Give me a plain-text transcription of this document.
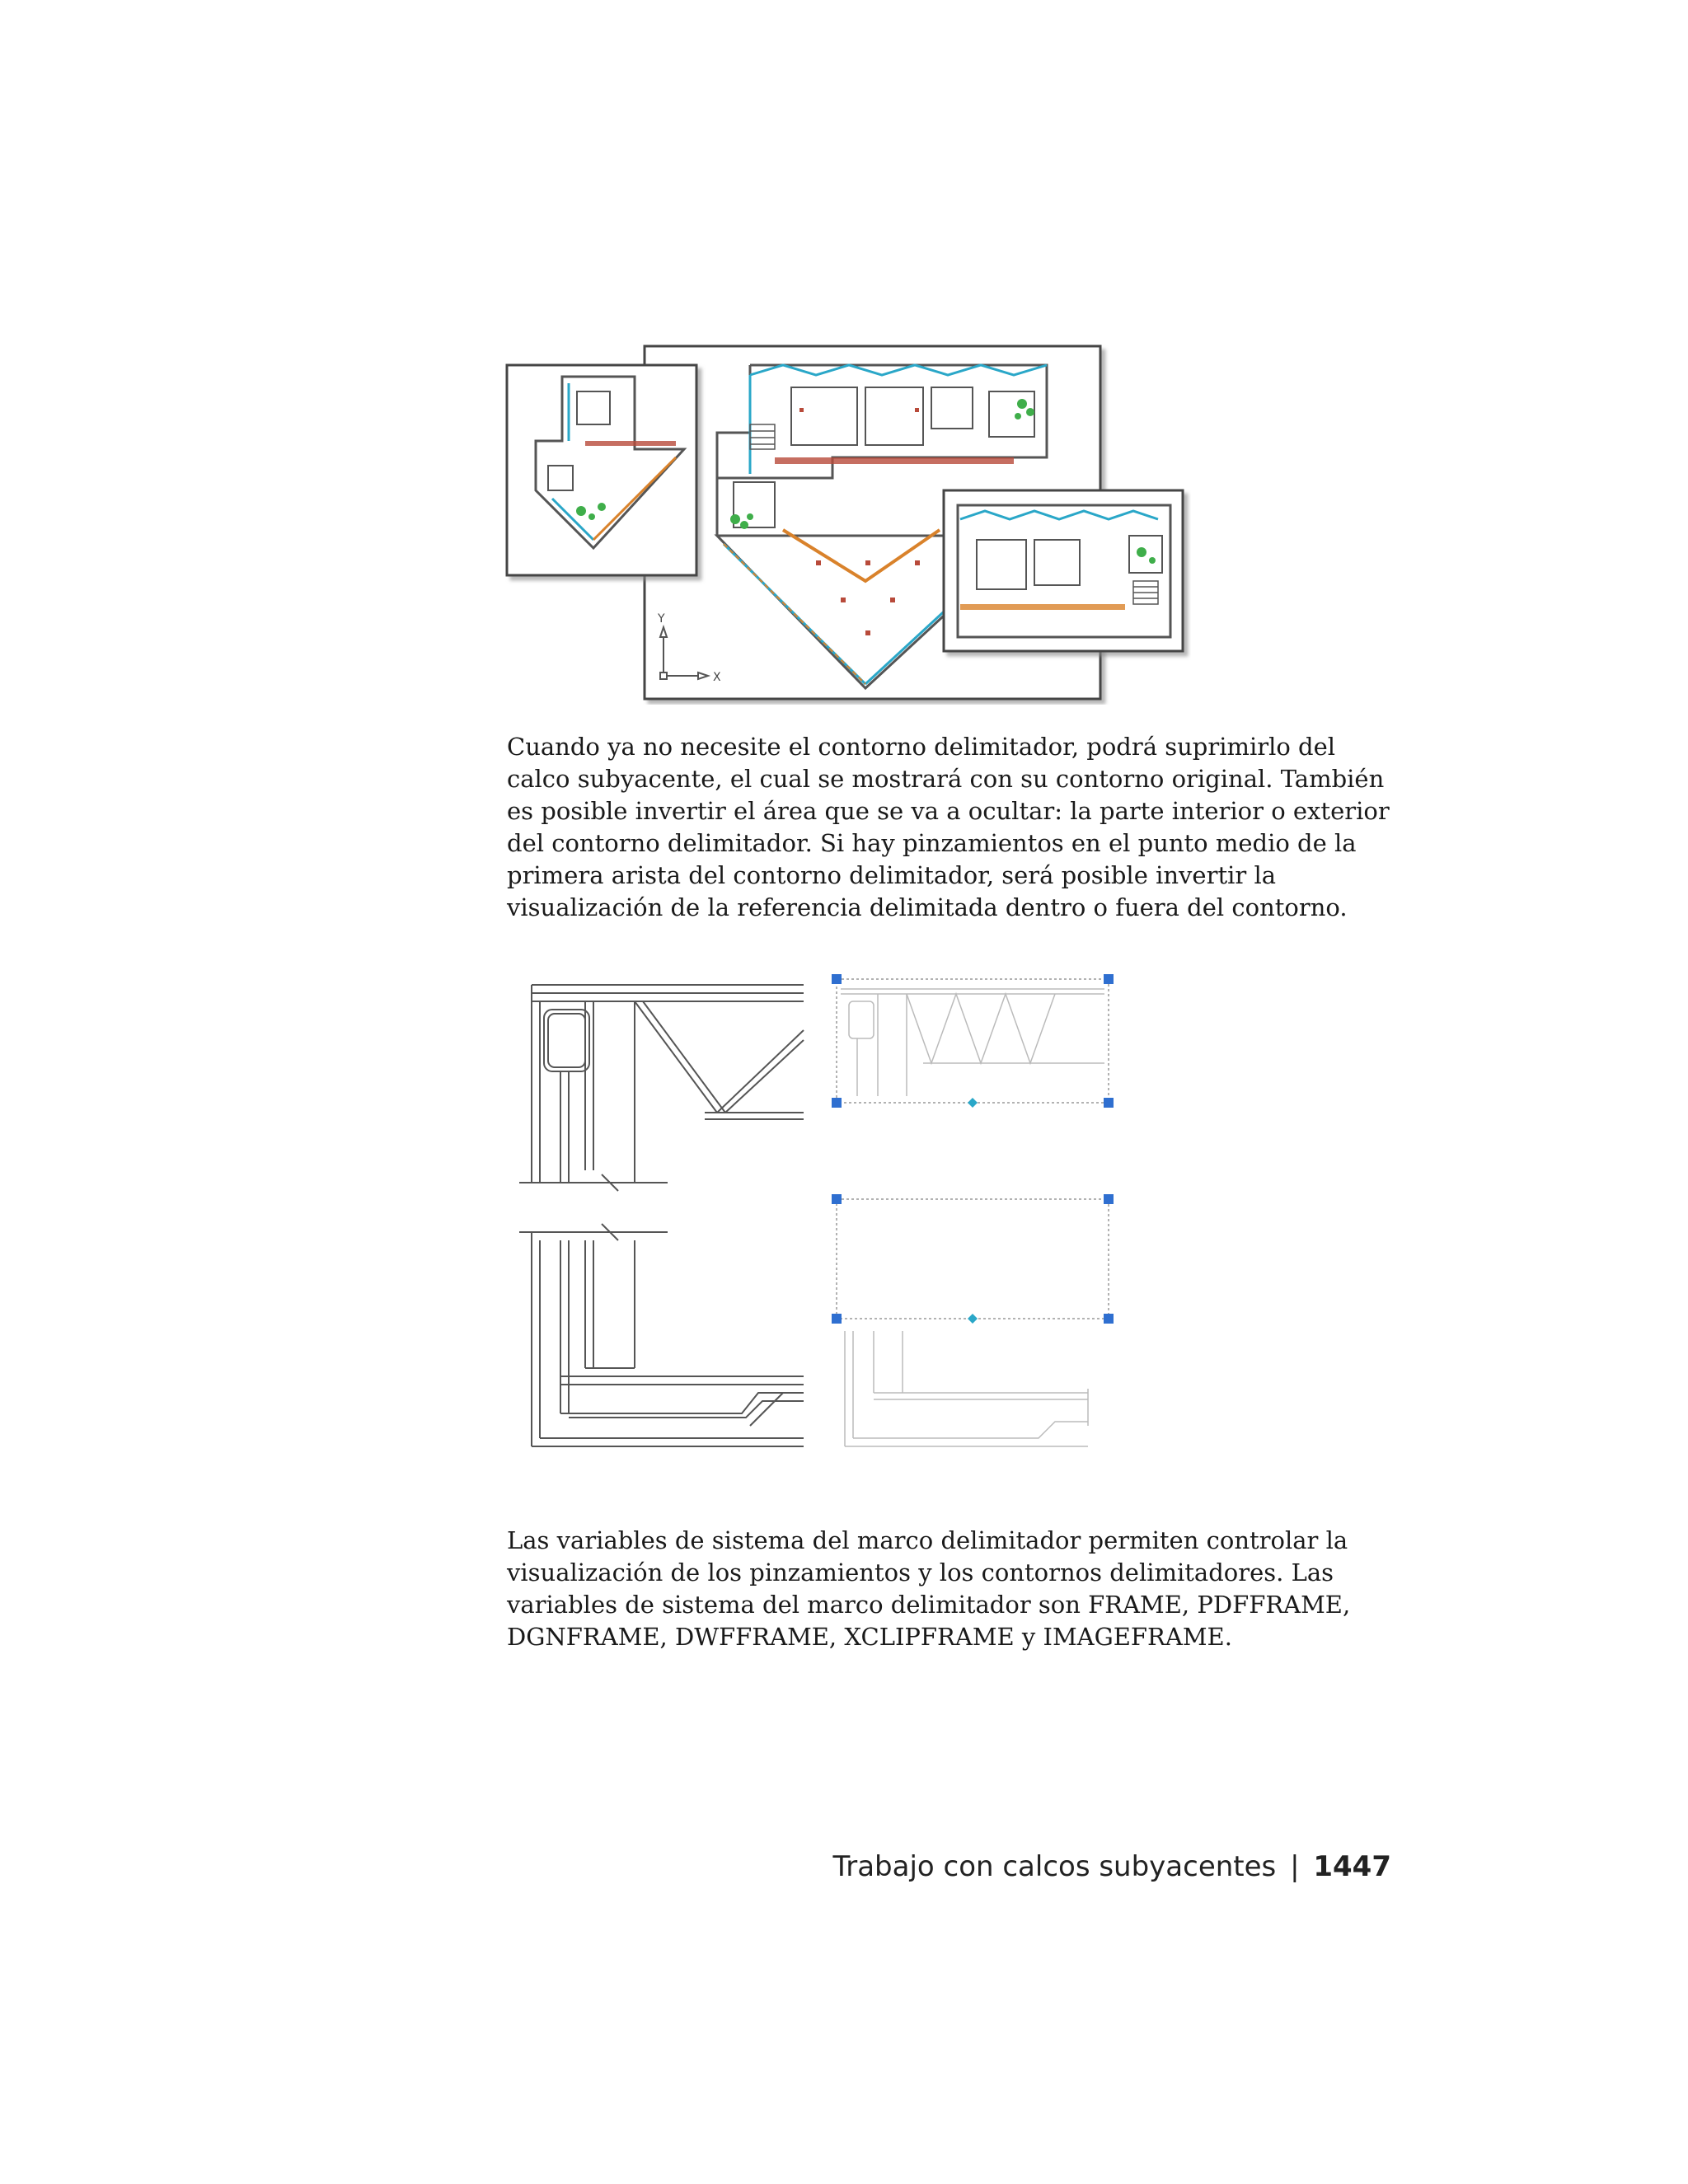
Y
X

Cuando ya no necesite el contorno delimitador, podrá suprimirlo del calco subyacente, el cual se mostrará con su contorno original. También es posible invertir el área que se va a ocultar: la parte interior o exterior del contorno delimitador. Si hay pinzamientos en el punto medio de la primera arista del contorno delimitador, será posible invertir la visualización de la referencia delimitada dentro o fuera del contorno.

Las variables de sistema del marco delimitador permiten controlar la visualización de los pinzamientos y los contornos delimitadores. Las variables de sistema del marco delimitador son FRAME, PDFFRAME, DGNFRAME, DWFFRAME, XCLIPFRAME y IMAGEFRAME.

Trabajo con calcos subyacentes | 1447
